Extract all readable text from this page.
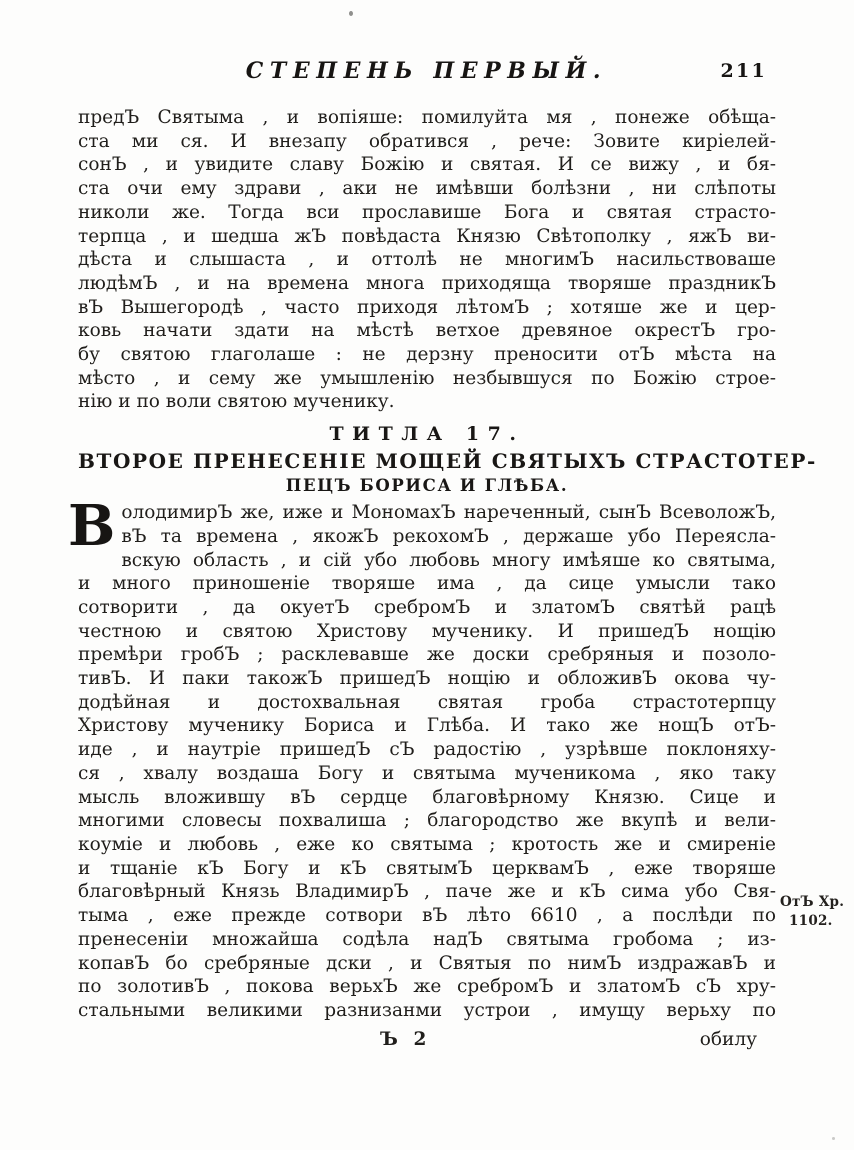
СТЕПЕНЬ ПЕРВЫЙ.	211
предЪ Святыма , и вопіяше: помилуйта мя , понеже обѣща-
ста ми ся. И внезапу обратився , рече: Зовите киріелей-
сонЪ , и увидите славу Божію и святая. И се вижу , и бя-
ста очи ему здрави , аки не имѣвши болѣзни , ни слѣпоты
николи же. Тогда вси прославише Бога и святая страсто-
терпца , и шедша жЪ повѣдаста Князю Свѣтополку , яжЪ ви-
дѣста и слышаста , и оттолѣ не многимЪ насильствоваше
людѣмЪ , и на времена многа приходяща творяше праздникЪ
вЪ Вышегородѣ , часто приходя лѣтомЪ ; хотяше же и цер-
ковь начати здати на мѣстѣ ветхое древяное окрестЪ гро-
бу святою глаголаше : не дерзну преносити отЪ мѣста на
мѣсто , и сему же умышленію незбывшуся по Божію строе-
нію и по воли святою мученику.
ТИТЛА 17.
ВТОРОЕ ПРЕНЕСЕНІЕ МОЩЕЙ СВЯТЫХЪ СТРАСТОТЕР-
ПЕЦЪ БОРИСА И ГЛѢБА.
В олодимирЪ же, иже и МономахЪ нареченный, сынЪ ВсеволожЪ,
вЪ та времена , якожЪ рекохомЪ , держаше убо Переясла-
вскую область , и сій убо любовь многу имѣяше ко святыма,
и много приношеніе творяше има , да сице умысли тако
сотворити , да окуетЪ сребромЪ и златомЪ святѣй рацѣ
честною и святою Христову мученику. И пришедЪ нощію
премѣри гробЪ ; расклевавше же доски сребряныя и позоло-
тивЪ. И паки такожЪ пришедЪ нощію и обложивЪ окова чу-
додѣйная и достохвальная святая гроба страстотерпцу
Христову мученику Бориса и Глѣба. И тако же нощЪ отЪ-
иде , и наутріе пришедЪ сЪ радостію , узрѣвше поклоняху-
ся , хвалу воздаша Богу и святыма мученикома , яко таку
мысль вложившу вЪ сердце благовѣрному Князю. Сице и
многими словесы похвалиша ; благородство же вкупѣ и вели-
коуміе и любовь , еже ко святыма ; кротость же и смиреніе
и тщаніе кЪ Богу и кЪ святымЪ церквамЪ , еже творяше
благовѣрный Князь ВладимирЪ , паче же и кЪ сима убо Свя-
тыма , еже прежде сотвори вЪ лѣто 6610 , а послѣди по
пренесеніи множайша содѣла надЪ святыма гробома ; из-
копавЪ бо сребряные дски , и Святыя по нимЪ издражавЪ и
по золотивЪ , покова верьхЪ же сребромЪ и златомЪ сЪ хру-
стальными великими разнизанми устрои , имущу верьху по
ОтЪ Хр.
1102.
Ъ 2	обилу
